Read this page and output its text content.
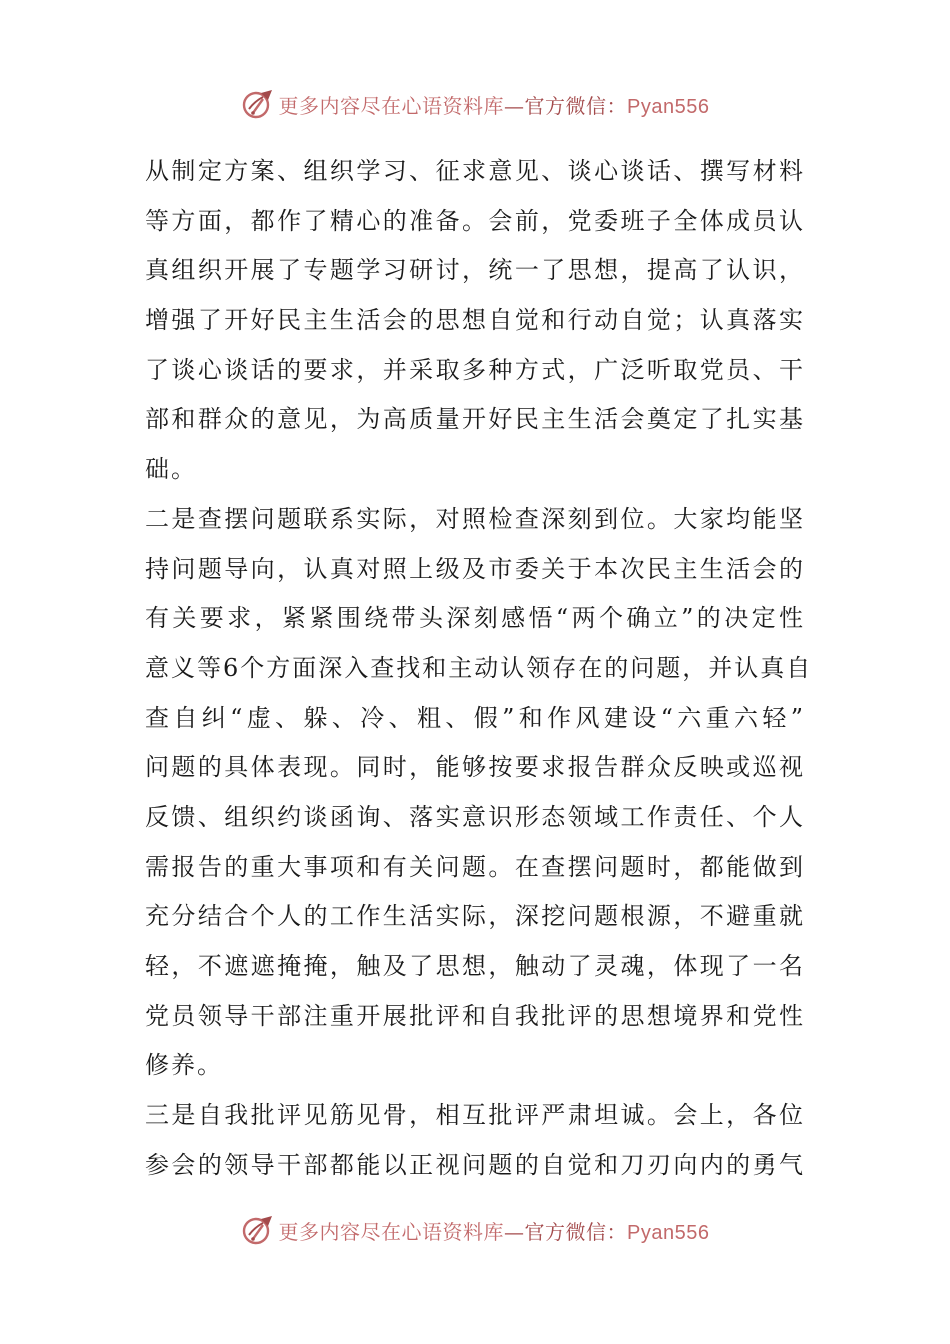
更多内容尽在心语资料库—官方微信：Pyan556
从制定方案、组织学习、征求意见、谈心谈话、撰写材料
等方面，都作了精心的准备。会前，党委班子全体成员认
真组织开展了专题学习研讨，统一了思想，提高了认识，
增强了开好民主生活会的思想自觉和行动自觉；认真落实
了谈心谈话的要求，并采取多种方式，广泛听取党员、干
部和群众的意见，为高质量开好民主生活会奠定了扎实基
础。
二是查摆问题联系实际，对照检查深刻到位。大家均能坚
持问题导向，认真对照上级及市委关于本次民主生活会的
有关要求，紧紧围绕带头深刻感悟“两个确立”的决定性
意义等6个方面深入查找和主动认领存在的问题，并认真自
查自纠“虚、躲、冷、粗、假”和作风建设“六重六轻”
问题的具体表现。同时，能够按要求报告群众反映或巡视
反馈、组织约谈函询、落实意识形态领域工作责任、个人
需报告的重大事项和有关问题。在查摆问题时，都能做到
充分结合个人的工作生活实际，深挖问题根源，不避重就
轻，不遮遮掩掩，触及了思想，触动了灵魂，体现了一名
党员领导干部注重开展批评和自我批评的思想境界和党性
修养。
三是自我批评见筋见骨，相互批评严肃坦诚。会上，各位
参会的领导干部都能以正视问题的自觉和刀刃向内的勇气
更多内容尽在心语资料库—官方微信：Pyan556
